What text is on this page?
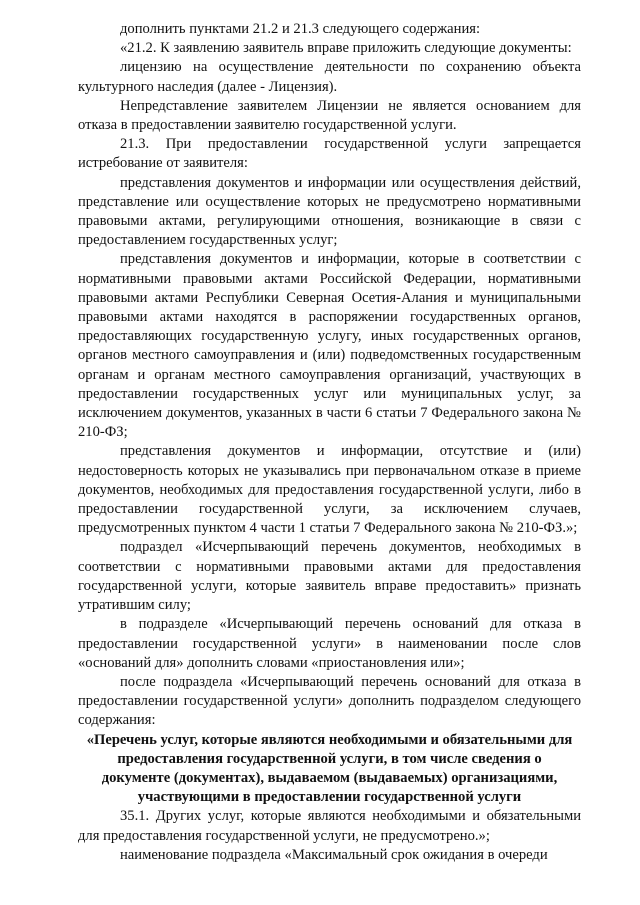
дополнить пунктами 21.2 и 21.3 следующего содержания:

«21.2. К заявлению заявитель вправе приложить следующие документы:

лицензию на осуществление деятельности по сохранению объекта культурного наследия (далее - Лицензия).

Непредставление заявителем Лицензии не является основанием для отказа в предоставлении заявителю государственной услуги.

21.3. При предоставлении государственной услуги запрещается истребование от заявителя:

представления документов и информации или осуществления действий, представление или осуществление которых не предусмотрено нормативными правовыми актами, регулирующими отношения, возникающие в связи с предоставлением государственных услуг;

представления документов и информации, которые в соответствии с нормативными правовыми актами Российской Федерации, нормативными правовыми актами Республики Северная Осетия-Алания и муниципальными правовыми актами находятся в распоряжении государственных органов, предоставляющих государственную услугу, иных государственных органов, органов местного самоуправления и (или) подведомственных государственным органам и органам местного самоуправления организаций, участвующих в предоставлении государственных услуг или муниципальных услуг, за исключением документов, указанных в части 6 статьи 7 Федерального закона № 210-ФЗ;

представления документов и информации, отсутствие и (или) недостоверность которых не указывались при первоначальном отказе в приеме документов, необходимых для предоставления государственной услуги, либо в предоставлении государственной услуги, за исключением случаев, предусмотренных пунктом 4 части 1 статьи 7 Федерального закона № 210-ФЗ.»;

подраздел «Исчерпывающий перечень документов, необходимых в соответствии с нормативными правовыми актами для предоставления государственной услуги, которые заявитель вправе предоставить» признать утратившим силу;

в подразделе «Исчерпывающий перечень оснований для отказа в предоставлении государственной услуги» в наименовании после слов «оснований для» дополнить словами «приостановления или»;

после подраздела «Исчерпывающий перечень оснований для отказа в предоставлении государственной услуги» дополнить подразделом следующего содержания:

«Перечень услуг, которые являются необходимыми и обязательными для предоставления государственной услуги, в том числе сведения о документе (документах), выдаваемом (выдаваемых) организациями, участвующими в предоставлении государственной услуги

35.1. Других услуг, которые являются необходимыми и обязательными для предоставления государственной услуги, не предусмотрено.»;

наименование подраздела «Максимальный срок ожидания в очереди
